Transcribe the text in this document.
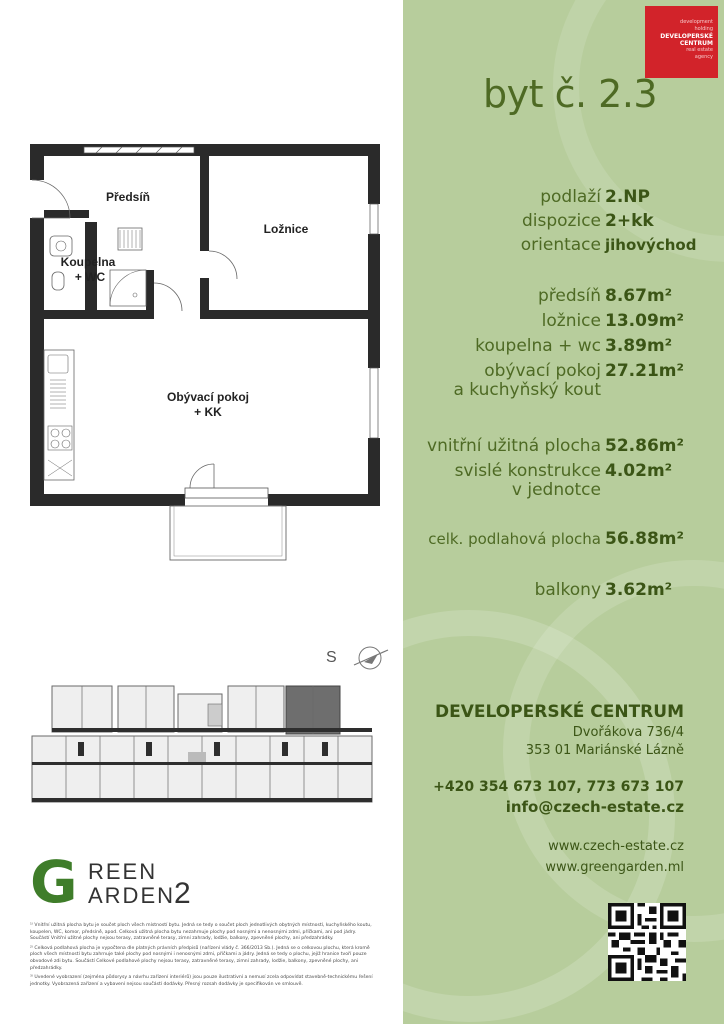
Předsíň
Ložnice
Koupelna
+ WC
Obývací pokoj
+ KK
S
G REEN
ARDEN
2

¹⁾ Vnitřní užitná plocha bytu je součet ploch všech místností bytu. Jedná se tedy o součet ploch jednotlivých obytných místností, kuchyňského koutu, koupelen, WC, komor, předsíně, apod. Celková užitná plocha bytu nezahrnuje plochy pod nosnými a nenosnými zdmi, příčkami, ani pod jádry. Součástí Vnitřní užitné plochy nejsou terasy, zatravněné terasy, zimní zahrady, lodžie, balkony, zpevněné plochy, ani předzahrádky.

²⁾ Celková podlahová plocha je vypočtena dle platných právních předpisů (nařízení vlády č. 366/2013 Sb.). Jedná se o celkovou plochu, která kromě ploch všech místností bytu zahrnuje také plochy pod nosnými i nenosnými zdmi, příčkami a jádry. Jedná se tedy o plochu, jejíž hranice tvoří pouze obvodové zdi bytu. Součástí Celkové podlahové plochy nejsou terasy, zatravněné terasy, zimní zahrady, lodžie, balkony, zpevněné plochy, ani předzahrádky.

³⁾ Uvedené vyobrazení (zejména půdorysy a návrhu zařízení interiérů) jsou pouze ilustrativní a nemusí zcela odpovídat stavebně-technickému řešení jednotky. Vyobrazená zařízení a vybavení nejsou součástí dodávky. Přesný rozsah dodávky je specifikován ve smlouvě.

development
holding
DEVELOPERSKÉ
CENTRUM
real estate
agency
byt č. 2.3
podlaží 2.NP
dispozice 2+kk
orientace jihovýchod
předsíň 8.67m²
ložnice 13.09m²
koupelna + wc 3.89m²
obývací pokoj 27.21m²
a kuchyňský kout
vnitřní užitná plocha 52.86m²
svislé konstrukce 4.02m²
v jednotce
celk. podlahová plocha 56.88m²
balkony 3.62m²
DEVELOPERSKÉ CENTRUM
Dvořákova 736/4
353 01 Mariánské Lázně
+420 354 673 107, 773 673 107
info@czech-estate.cz
www.czech-estate.cz
www.greengarden.ml
